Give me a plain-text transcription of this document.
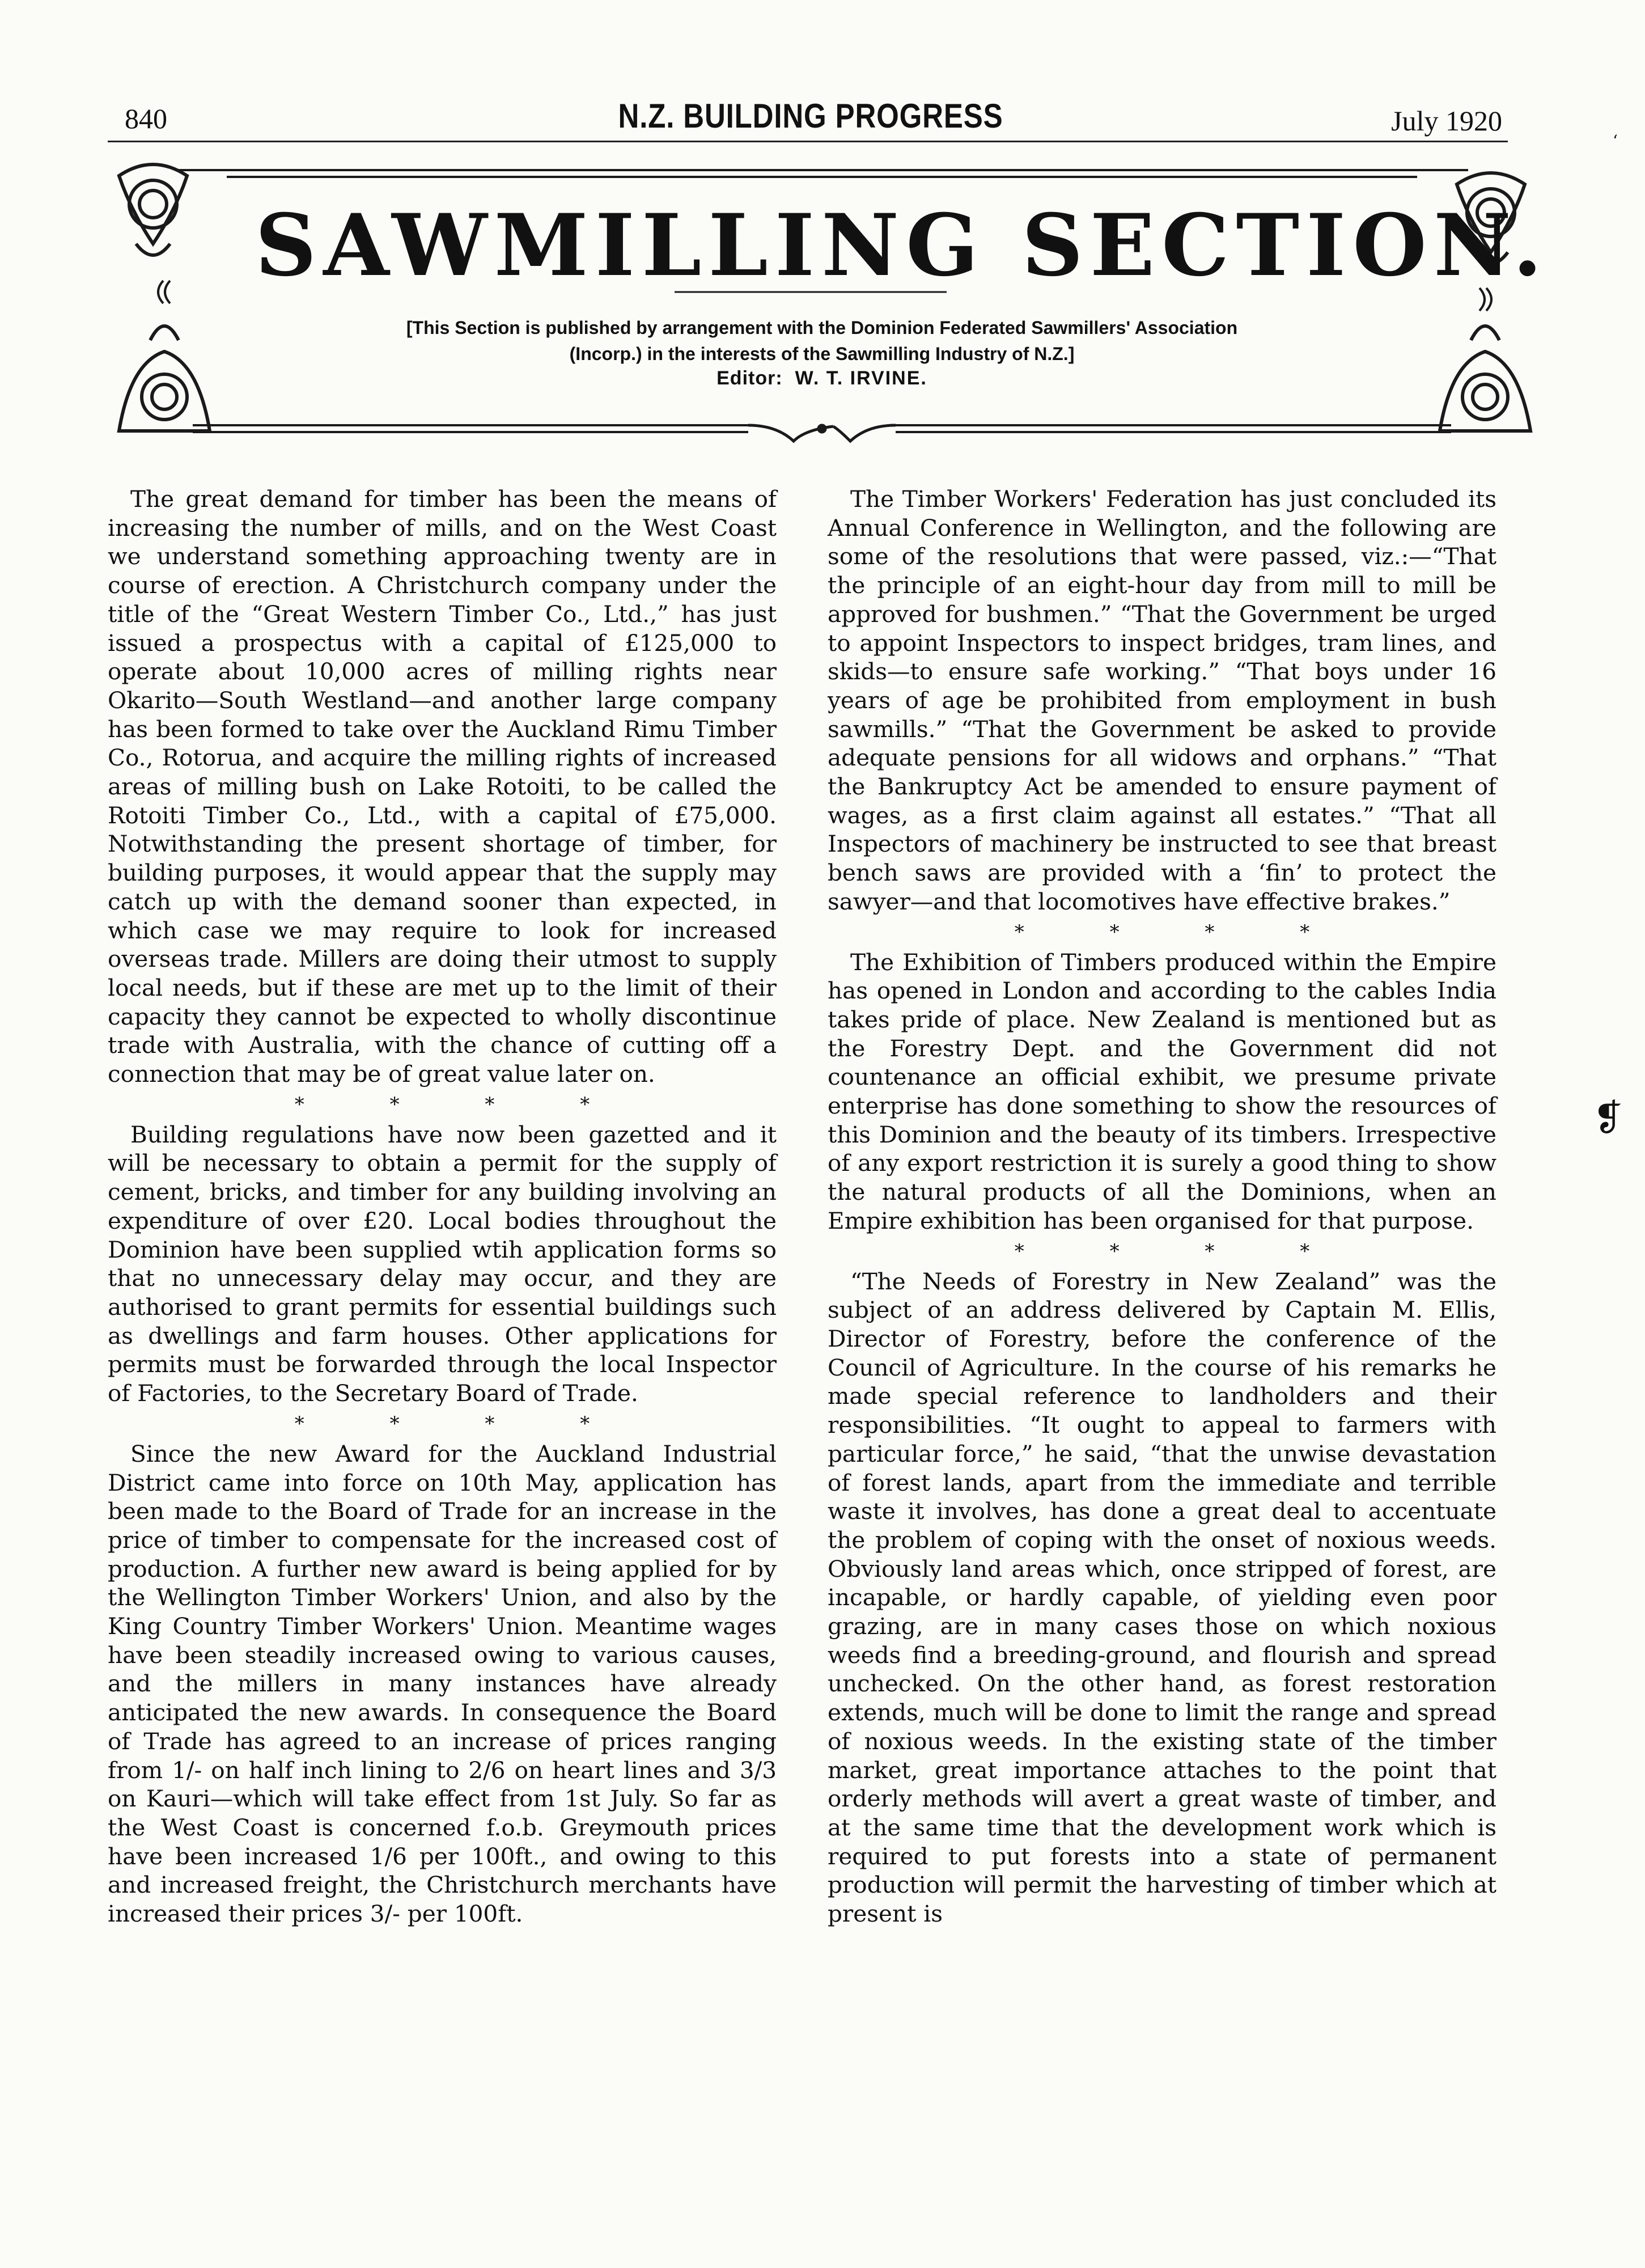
840	N.Z. BUILDING PROGRESS	July 1920
‘
SAWMILLING SECTION.
[This Section is published by arrangement with the Dominion Federated Sawmillers' Association (Incorp.) in the interests of the Sawmilling Industry of N.Z.]
Editor: W. T. IRVINE.

The great demand for timber has been the means of increasing the number of mills, and on the West Coast we understand something approaching twenty are in course of erection. A Christchurch company under the title of the “Great Western Timber Co., Ltd.,” has just issued a prospectus with a capital of £125,000 to operate about 10,000 acres of milling rights near Okarito—South Westland—and another large company has been formed to take over the Auckland Rimu Timber Co., Rotorua, and acquire the milling rights of increased areas of milling bush on Lake Rotoiti, to be called the Rotoiti Timber Co., Ltd., with a capital of £75,000. Notwithstanding the present shortage of timber, for building purposes, it would appear that the supply may catch up with the demand sooner than expected, in which case we may require to look for increased overseas trade. Millers are doing their utmost to supply local needs, but if these are met up to the limit of their capacity they cannot be expected to wholly discontinue trade with Australia, with the chance of cutting off a connection that may be of great value later on.

* * * *

Building regulations have now been gazetted and it will be necessary to obtain a permit for the supply of cement, bricks, and timber for any building involving an expenditure of over £20. Local bodies throughout the Dominion have been supplied wtih application forms so that no unnecessary delay may occur, and they are authorised to grant permits for essential buildings such as dwellings and farm houses. Other applications for permits must be forwarded through the local Inspector of Factories, to the Secretary Board of Trade.

* * * *

Since the new Award for the Auckland Industrial District came into force on 10th May, application has been made to the Board of Trade for an increase in the price of timber to compensate for the increased cost of production. A further new award is being applied for by the Wellington Timber Workers' Union, and also by the King Country Timber Workers' Union. Meantime wages have been steadily increased owing to various causes, and the millers in many instances have already anticipated the new awards. In consequence the Board of Trade has agreed to an increase of prices ranging from 1/- on half inch lining to 2/6 on heart lines and 3/3 on Kauri—which will take effect from 1st July. So far as the West Coast is concerned f.o.b. Greymouth prices have been increased 1/6 per 100ft., and owing to this and increased freight, the Christchurch merchants have increased their prices 3/- per 100ft.

The Timber Workers' Federation has just concluded its Annual Conference in Wellington, and the following are some of the resolutions that were passed, viz.:—“That the principle of an eight-hour day from mill to mill be approved for bushmen.” “That the Government be urged to appoint Inspectors to inspect bridges, tram lines, and skids—to ensure safe working.” “That boys under 16 years of age be prohibited from employment in bush sawmills.” “That the Government be asked to provide adequate pensions for all widows and orphans.” “That the Bankruptcy Act be amended to ensure payment of wages, as a first claim against all estates.” “That all Inspectors of machinery be instructed to see that breast bench saws are provided with a ‘fin’ to protect the sawyer—and that locomotives have effective brakes.”

* * * *

The Exhibition of Timbers produced within the Empire has opened in London and according to the cables India takes pride of place. New Zealand is mentioned but as the Forestry Dept. and the Government did not countenance an official exhibit, we presume private enterprise has done something to show the resources of this Dominion and the beauty of its timbers. Irrespective of any export restriction it is surely a good thing to show the natural products of all the Dominions, when an Empire exhibition has been organised for that purpose.

* * * *

“The Needs of Forestry in New Zealand” was the subject of an address delivered by Captain M. Ellis, Director of Forestry, before the conference of the Council of Agriculture. In the course of his remarks he made special reference to landholders and their responsibilities. “It ought to appeal to farmers with particular force,” he said, “that the unwise devastation of forest lands, apart from the immediate and terrible waste it involves, has done a great deal to accentuate the problem of coping with the onset of noxious weeds. Obviously land areas which, once stripped of forest, are incapable, or hardly capable, of yielding even poor grazing, are in many cases those on which noxious weeds find a breeding-ground, and flourish and spread unchecked. On the other hand, as forest restoration extends, much will be done to limit the range and spread of noxious weeds. In the existing state of the timber market, great importance attaches to the point that orderly methods will avert a great waste of timber, and at the same time that the development work which is required to put forests into a state of permanent production will permit the harvesting of timber which at present is

❡
